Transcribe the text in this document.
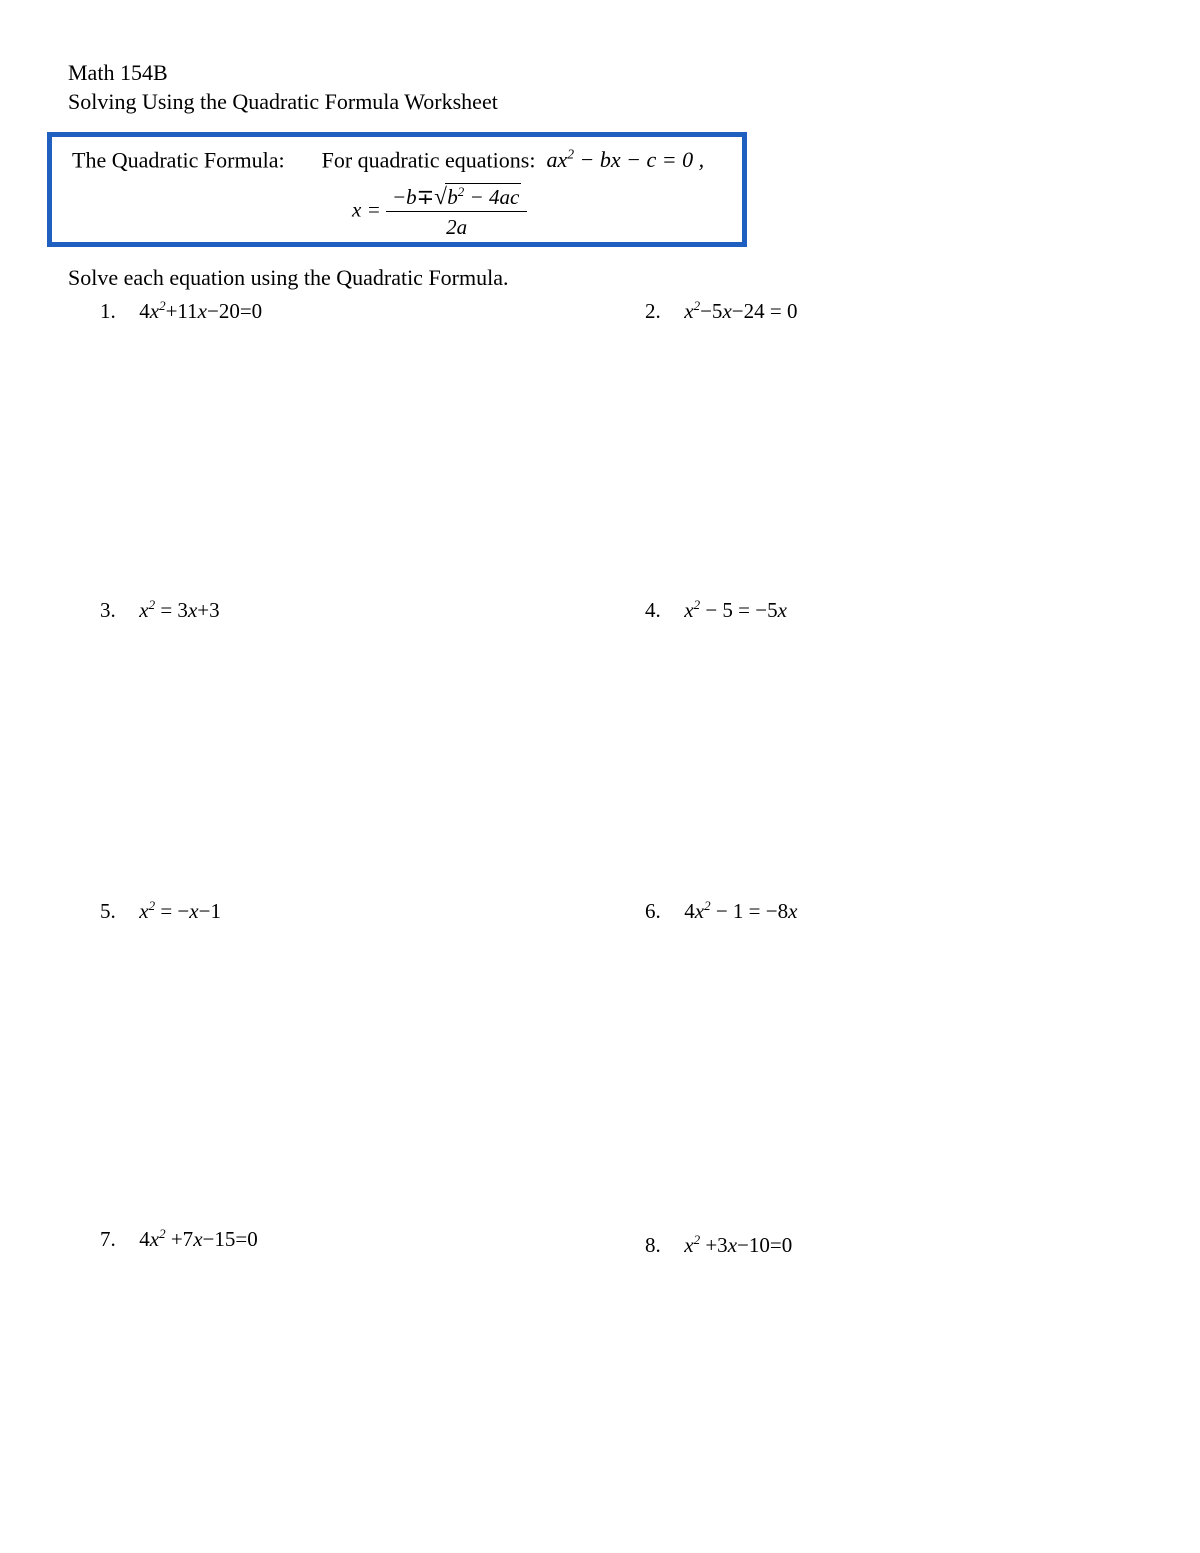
Math 154B
Solving Using the Quadratic Formula Worksheet
The Quadratic Formula: For quadratic equations: $ax^2$ − bx − c = 0 ,
$x = \frac{-b\mp √ b^2 - 4ac}{2a}$
Solve each equation using the Quadratic Formula.
1. $4x^2+11x-20=0$	2. $x^2-5x-24 = 0$
3. $x^2 = 3x+3$	4. $x^2 - 5 = -5x$
5. $x^2 = -x-1$	6. $4x^2 - 1 = -8x$
7. $4x^2 +7x-15=0$	8. $x^2 +3x-10=0$
